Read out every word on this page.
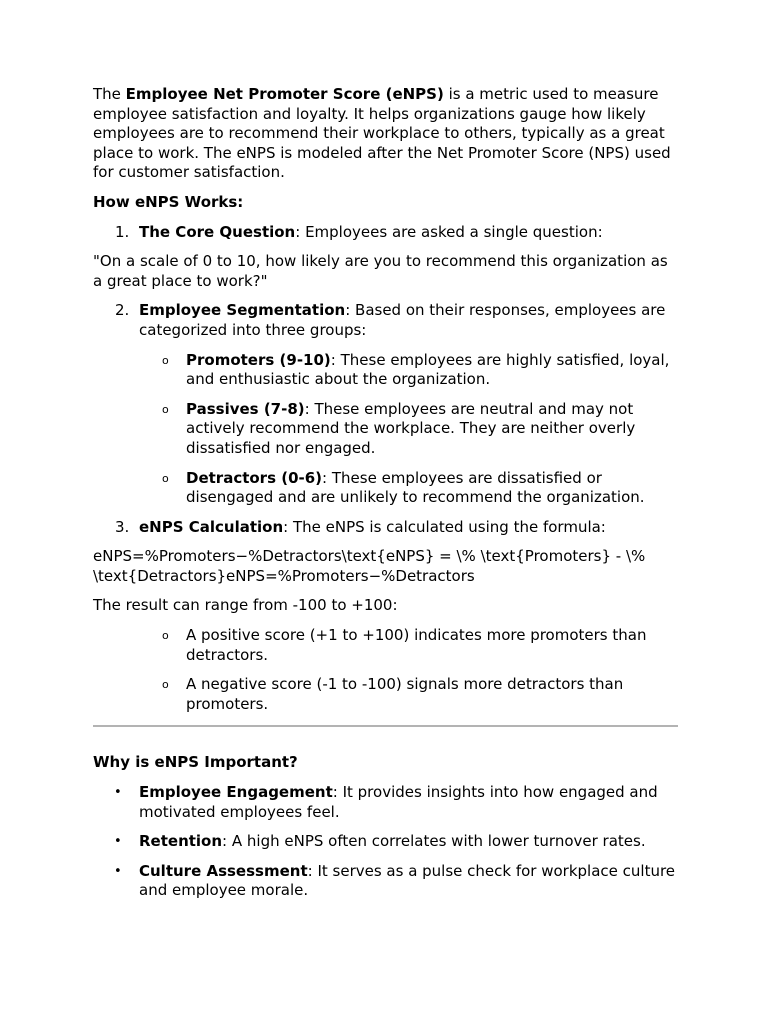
The Employee Net Promoter Score (eNPS) is a metric used to measure employee satisfaction and loyalty. It helps organizations gauge how likely employees are to recommend their workplace to others, typically as a great place to work. The eNPS is modeled after the Net Promoter Score (NPS) used for customer satisfaction.

How eNPS Works:

1. The Core Question: Employees are asked a single question:

"On a scale of 0 to 10, how likely are you to recommend this organization as a great place to work?"

2. Employee Segmentation: Based on their responses, employees are categorized into three groups:
o Promoters (9-10): These employees are highly satisfied, loyal, and enthusiastic about the organization.
o Passives (7-8): These employees are neutral and may not actively recommend the workplace. They are neither overly dissatisfied nor engaged.
o Detractors (0-6): These employees are dissatisfied or disengaged and are unlikely to recommend the organization.
3. eNPS Calculation: The eNPS is calculated using the formula:

eNPS=%Promoters−%Detractors\text{eNPS} = \% \text{Promoters} - \% \text{Detractors}eNPS=%Promoters−%Detractors

The result can range from -100 to +100:

o A positive score (+1 to +100) indicates more promoters than detractors.
o A negative score (-1 to -100) signals more detractors than promoters.

Why is eNPS Important?

• Employee Engagement: It provides insights into how engaged and motivated employees feel.
• Retention: A high eNPS often correlates with lower turnover rates.
• Culture Assessment: It serves as a pulse check for workplace culture and employee morale.
